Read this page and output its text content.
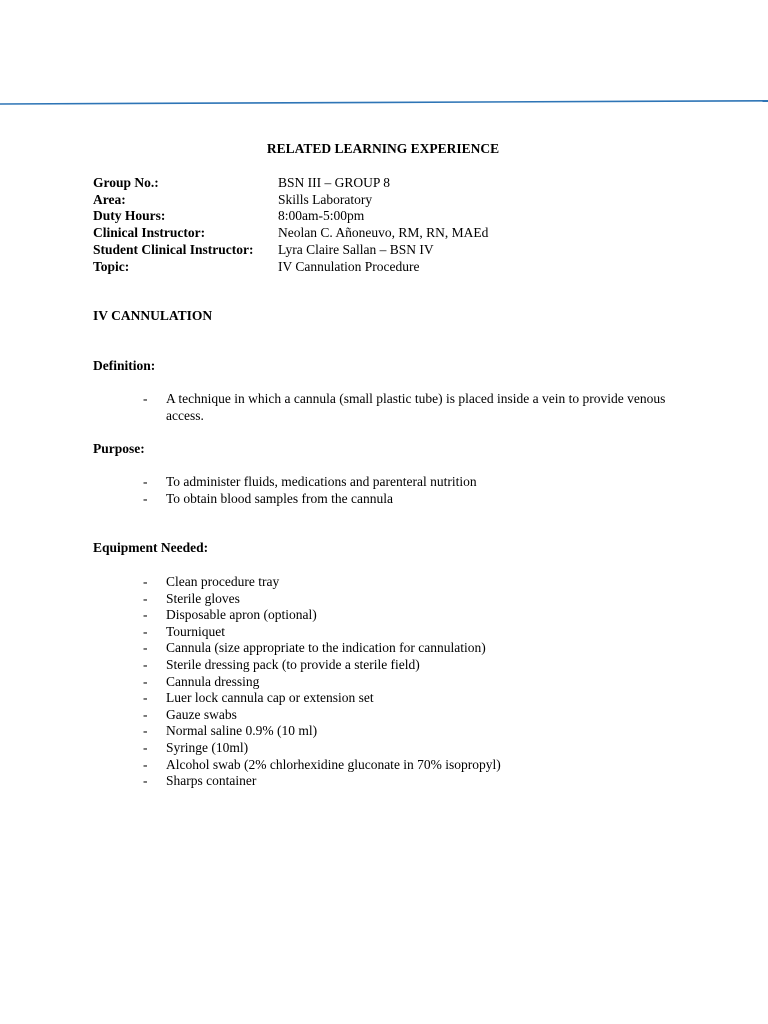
RELATED LEARNING EXPERIENCE
Group No.:	BSN III – GROUP 8
Area:	Skills Laboratory
Duty Hours:	8:00am-5:00pm
Clinical Instructor:	Neolan C. Añoneuvo, RM, RN, MAEd
Student Clinical Instructor:	Lyra Claire Sallan – BSN IV
Topic:	IV Cannulation Procedure
IV CANNULATION
Definition:
- A technique in which a cannula (small plastic tube) is placed inside a vein to provide venous access.
Purpose:
- To administer fluids, medications and parenteral nutrition
- To obtain blood samples from the cannula
Equipment Needed:
- Clean procedure tray
- Sterile gloves
- Disposable apron (optional)
- Tourniquet
- Cannula (size appropriate to the indication for cannulation)
- Sterile dressing pack (to provide a sterile field)
- Cannula dressing
- Luer lock cannula cap or extension set
- Gauze swabs
- Normal saline 0.9% (10 ml)
- Syringe (10ml)
- Alcohol swab (2% chlorhexidine gluconate in 70% isopropyl)
- Sharps container
